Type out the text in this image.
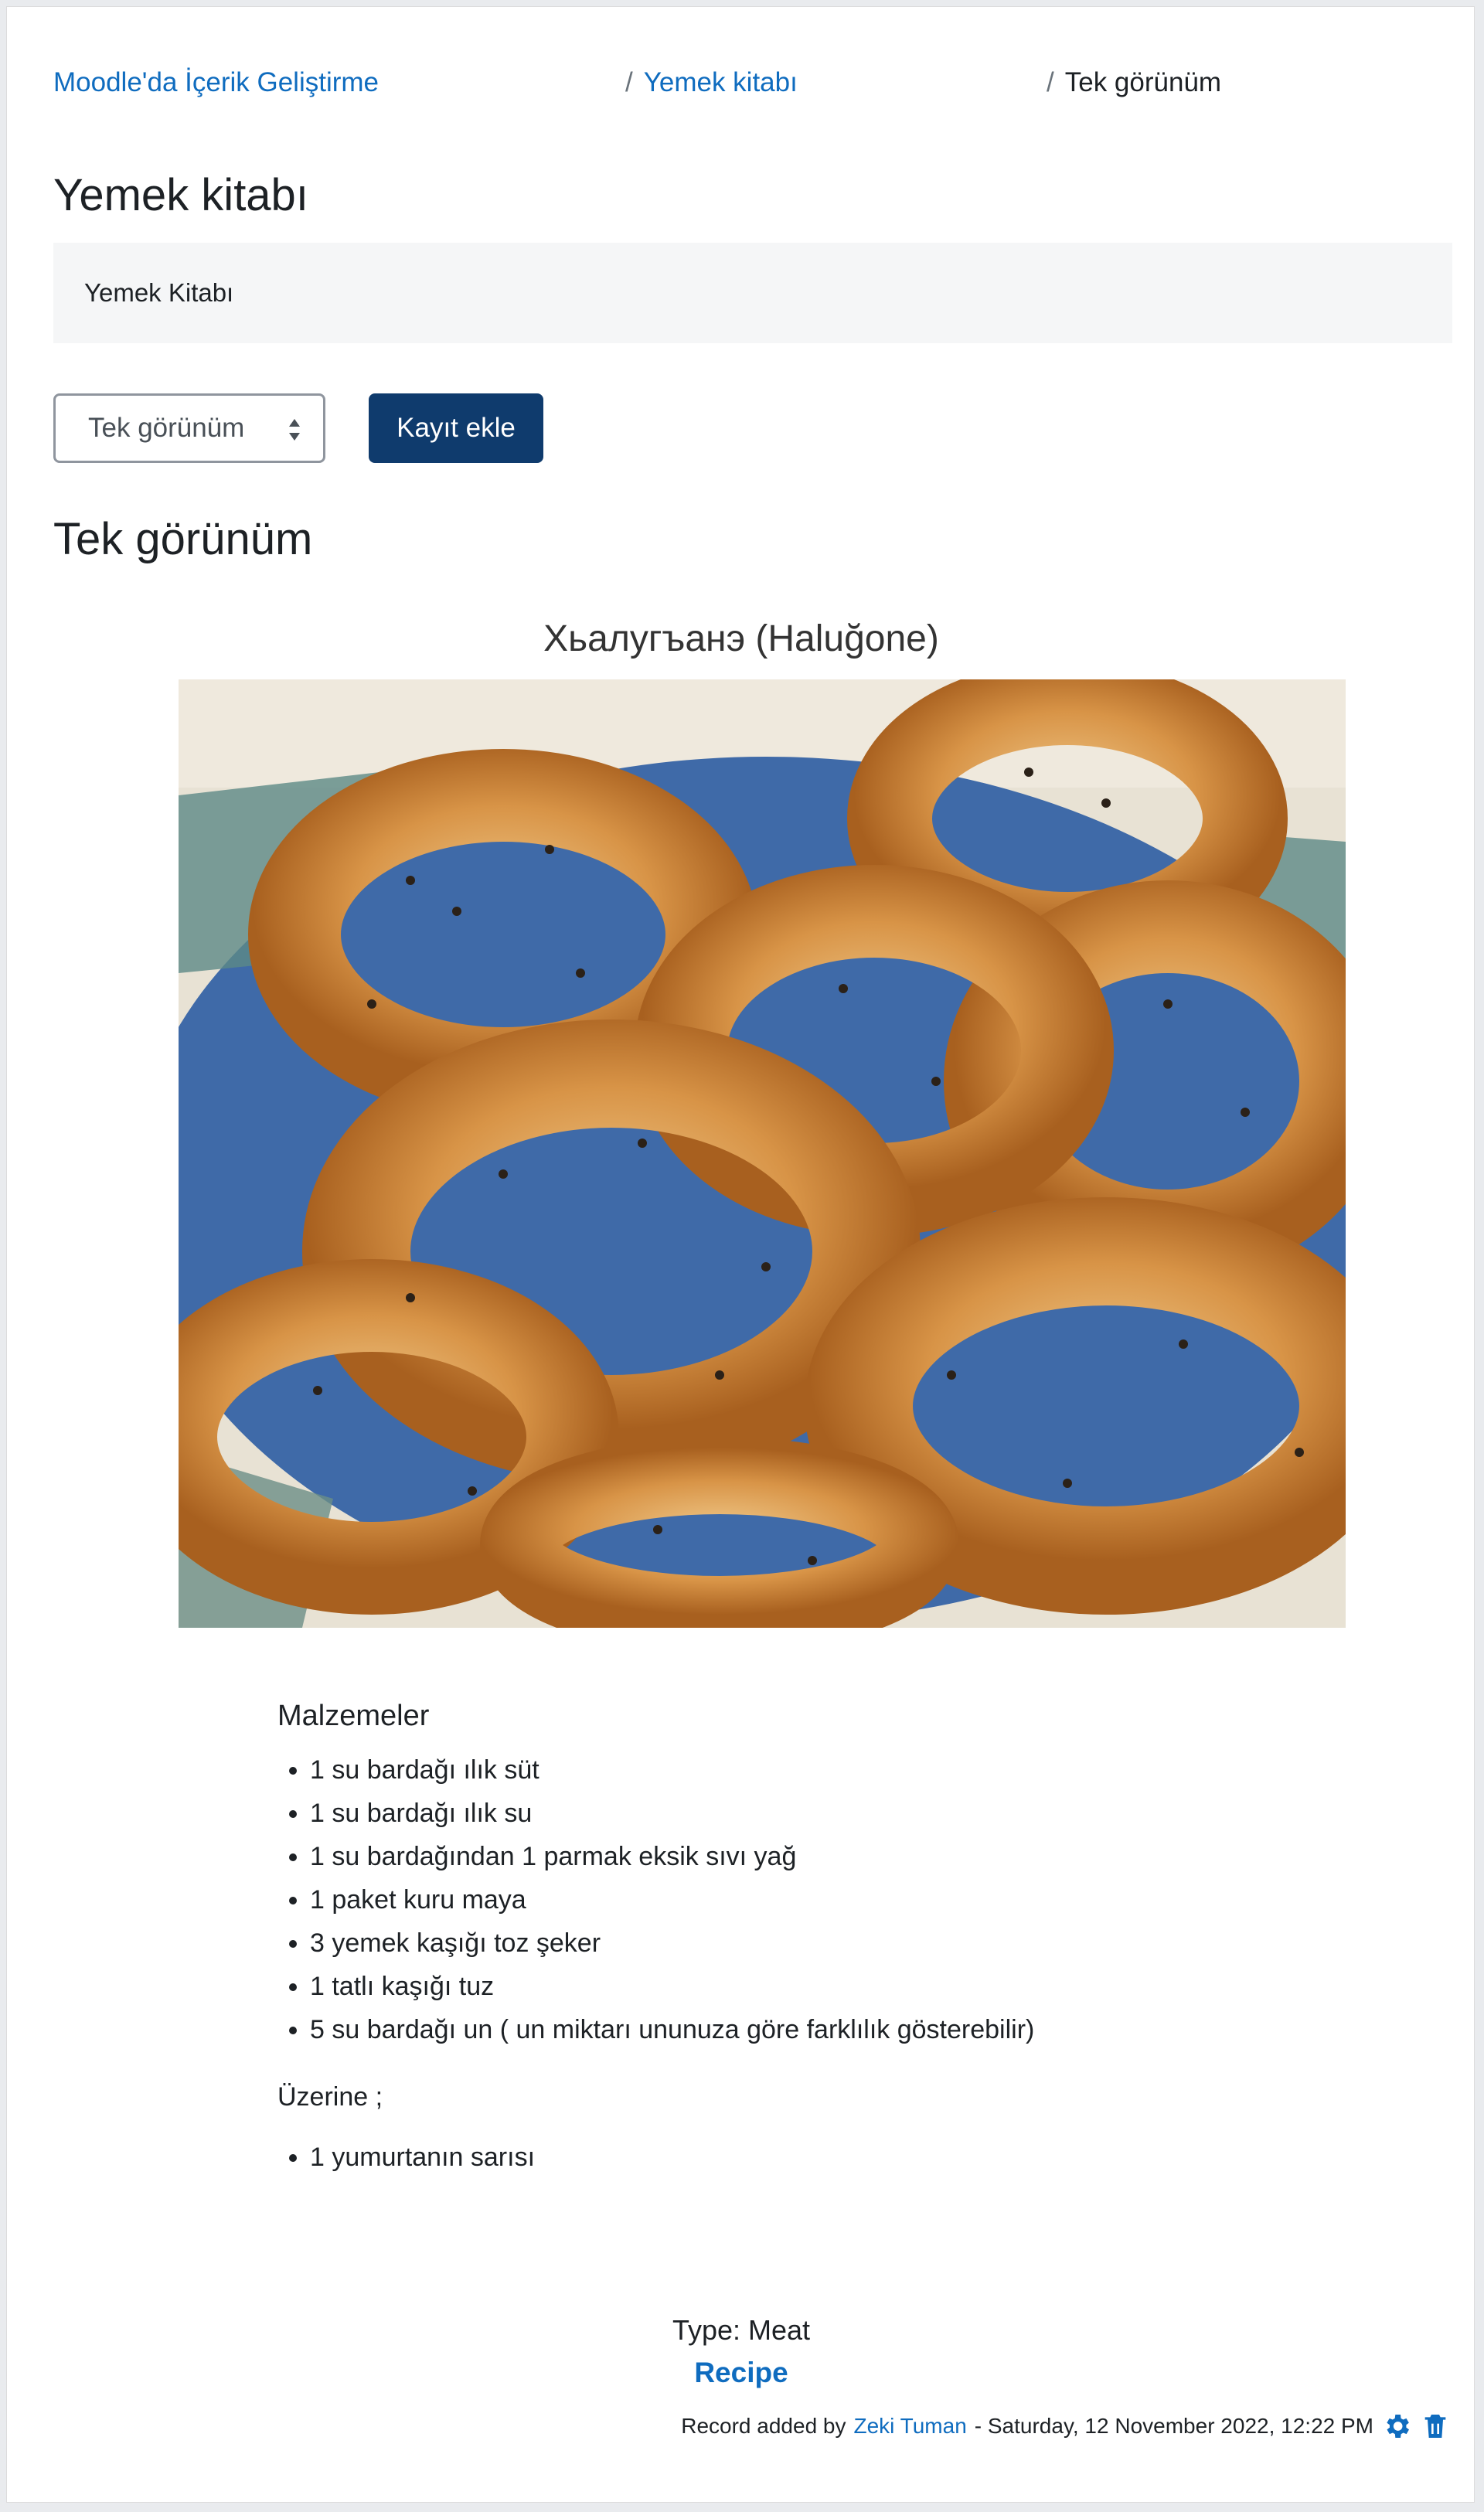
Moodle'da İçerik Geliştirme	/ Yemek kitabı	/ Tek görünüm
Yemek kitabı
Yemek Kitabı
Tek görünüm	Kayıt ekle
Tek görünüm
Хьалугъанэ (Haluğone)

Malzemeler

• 1 su bardağı ılık süt
• 1 su bardağı ılık su
• 1 su bardağından 1 parmak eksik sıvı yağ
• 1 paket kuru maya
• 3 yemek kaşığı toz şeker
• 1 tatlı kaşığı tuz
• 5 su bardağı un ( un miktarı ununuza göre farklılık gösterebilir)

Üzerine ;

• 1 yumurtanın sarısı
Type: Meat
Recipe
Record added by Zeki Tuman - Saturday, 12 November 2022, 12:22 PM
